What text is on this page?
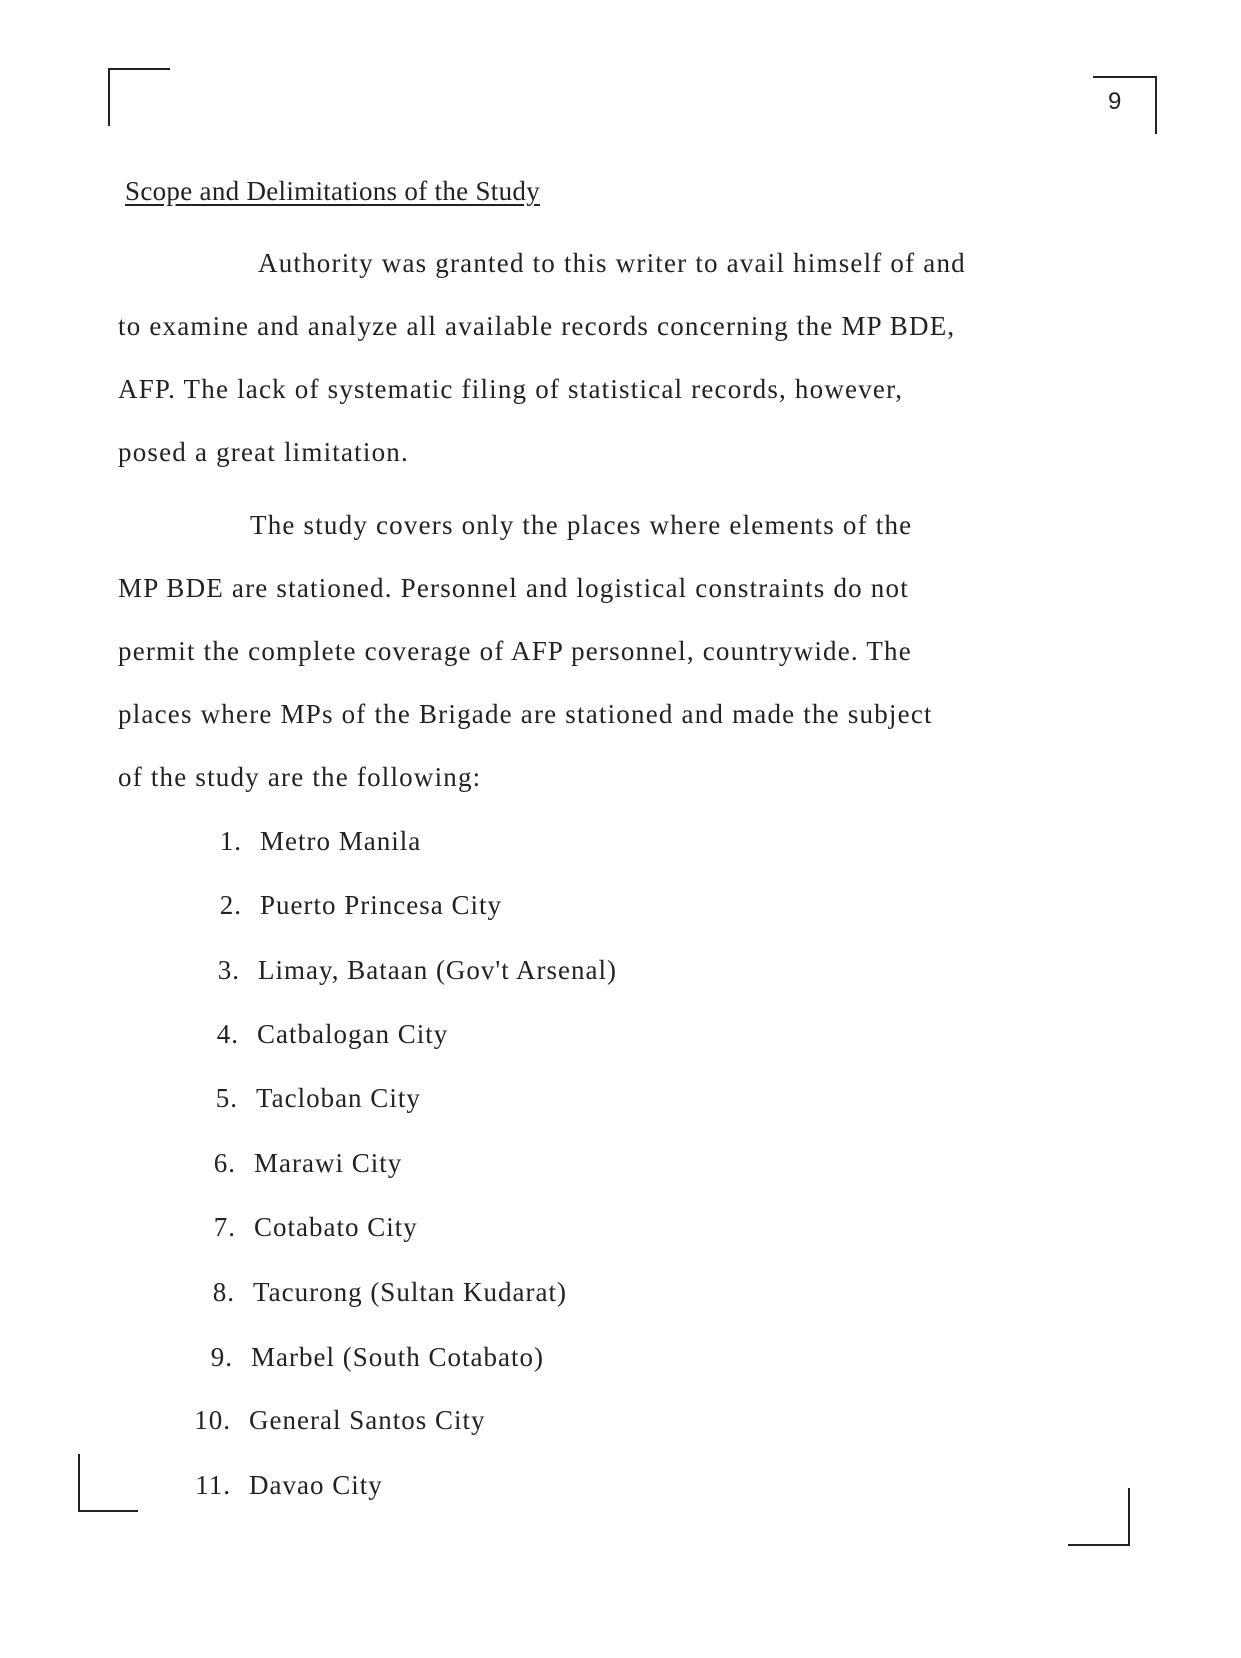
9
Scope and Delimitations of the Study
Authority was granted to this writer to avail himself of and
to examine and analyze all available records concerning the MP BDE,
AFP. The lack of systematic filing of statistical records, however,
posed a great limitation.
The study covers only the places where elements of the
MP BDE are stationed. Personnel and logistical constraints do not
permit the complete coverage of AFP personnel, countrywide. The
places where MPs of the Brigade are stationed and made the subject
of the study are the following:
1. Metro Manila
2. Puerto Princesa City
3. Limay, Bataan (Gov't Arsenal)
4. Catbalogan City
5. Tacloban City
6. Marawi City
7. Cotabato City
8. Tacurong (Sultan Kudarat)
9. Marbel (South Cotabato)
10. General Santos City
11. Davao City
